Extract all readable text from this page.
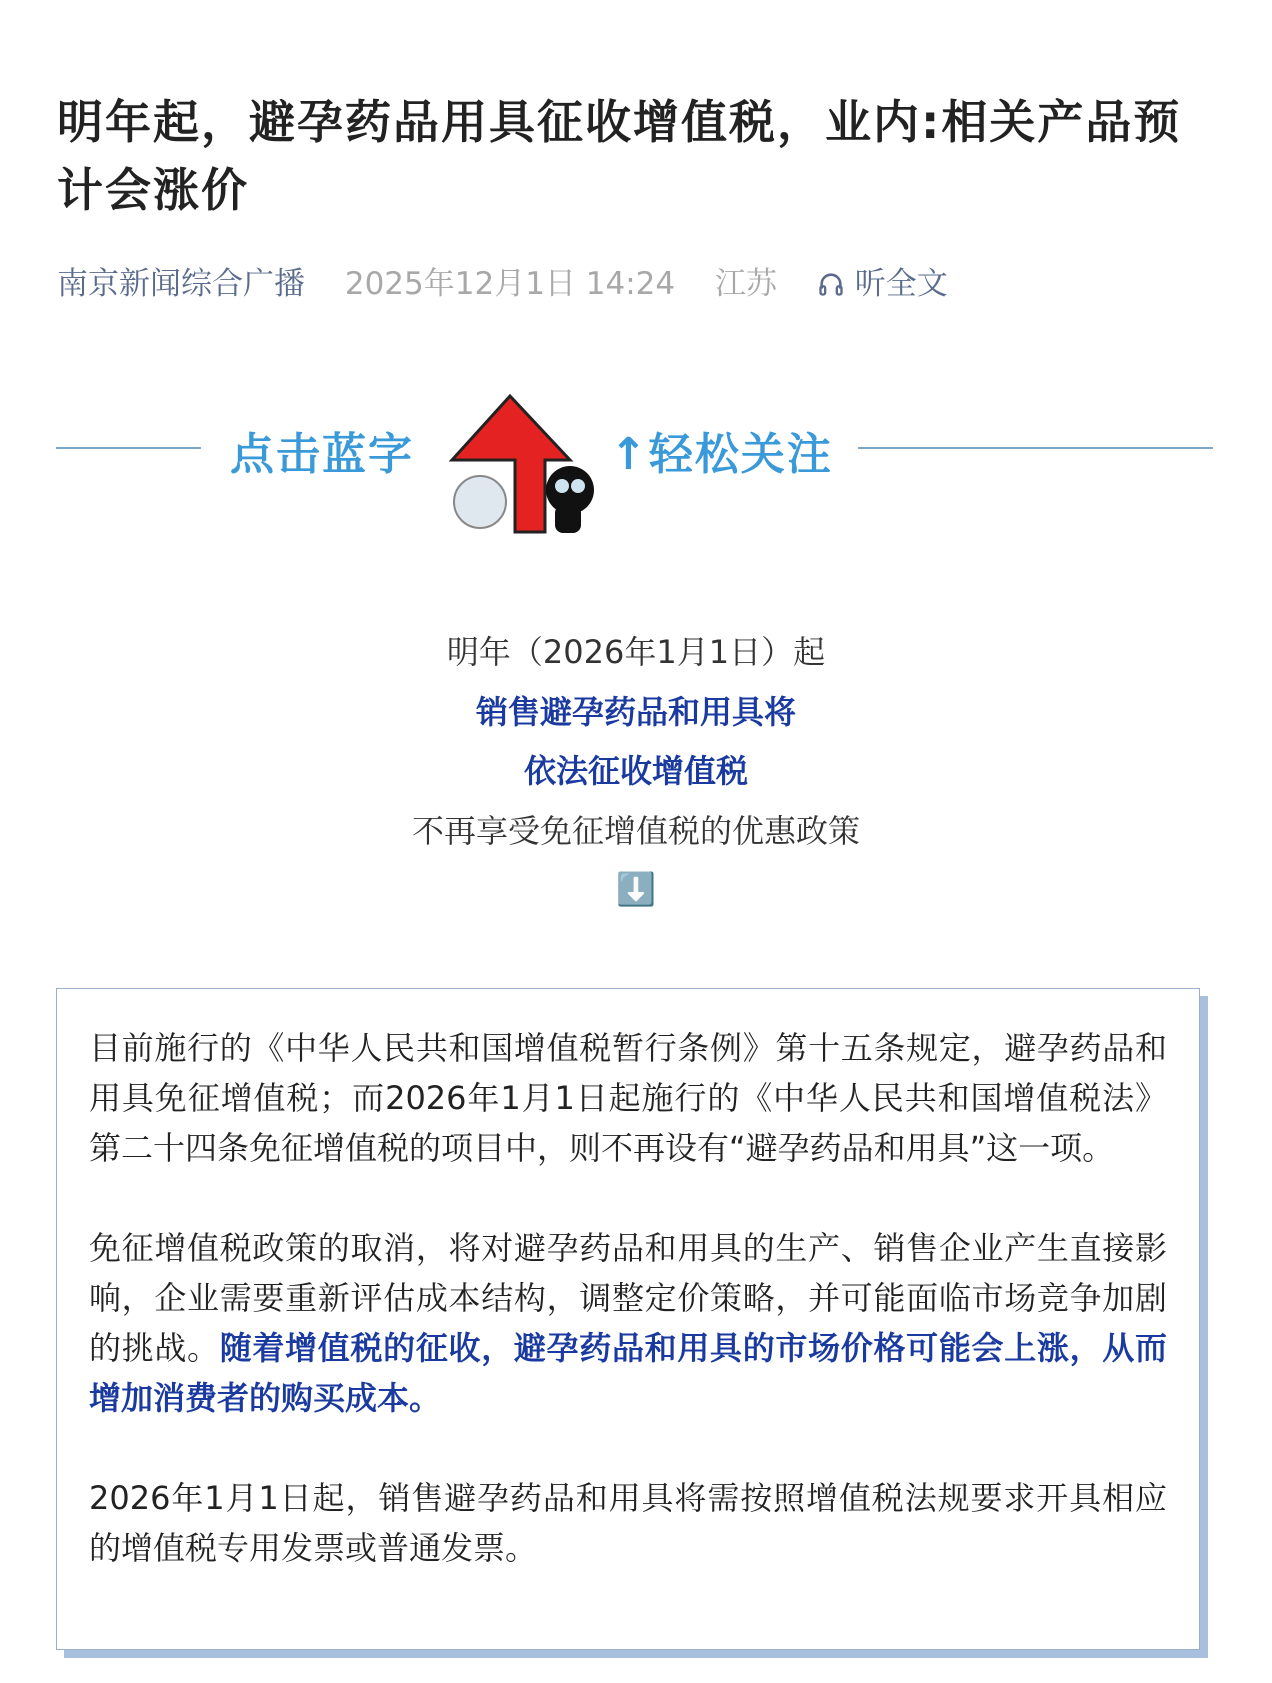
明年起，避孕药品用具征收增值税，业内:相关产品预计会涨价
南京新闻综合广播 2025年12月1日 14:24 江苏	听全文
点击蓝字	↑轻松关注
明年（2026年1月1日）起
销售避孕药品和用具将
依法征收增值税
不再享受免征增值税的优惠政策
⬇️

目前施行的《中华人民共和国增值税暂行条例》第十五条规定，避孕药品和用具免征增值税；而2026年1月1日起施行的《中华人民共和国增值税法》第二十四条免征增值税的项目中，则不再设有“避孕药品和用具”这一项。

免征增值税政策的取消，将对避孕药品和用具的生产、销售企业产生直接影响，企业需要重新评估成本结构，调整定价策略，并可能面临市场竞争加剧的挑战。随着增值税的征收，避孕药品和用具的市场价格可能会上涨，从而增加消费者的购买成本。

2026年1月1日起，销售避孕药品和用具将需按照增值税法规要求开具相应的增值税专用发票或普通发票。
